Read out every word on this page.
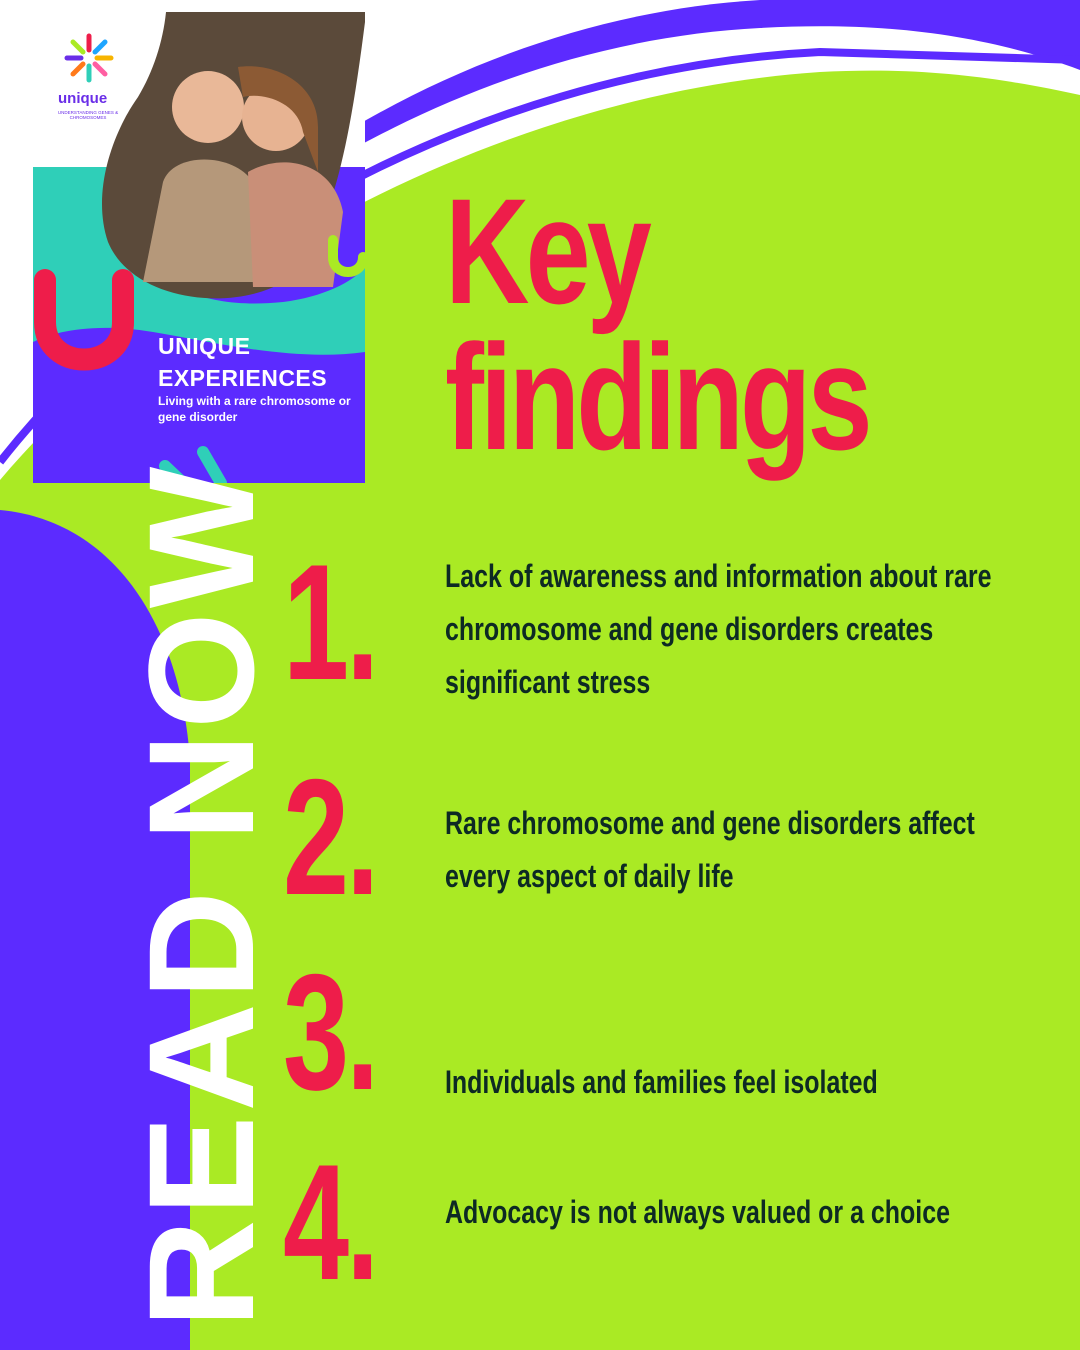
unique
UNDERSTANDING GENES & CHROMOSOMES
UNIQUE
EXPERIENCES
Living with a rare chromosome or gene disorder
Key
findings
1. Lack of awareness and information about rare chromosome and gene disorders creates significant stress
2. Rare chromosome and gene disorders affect every aspect of daily life
3. Individuals and families feel isolated
4. Advocacy is not always valued or a choice
READ NOW
